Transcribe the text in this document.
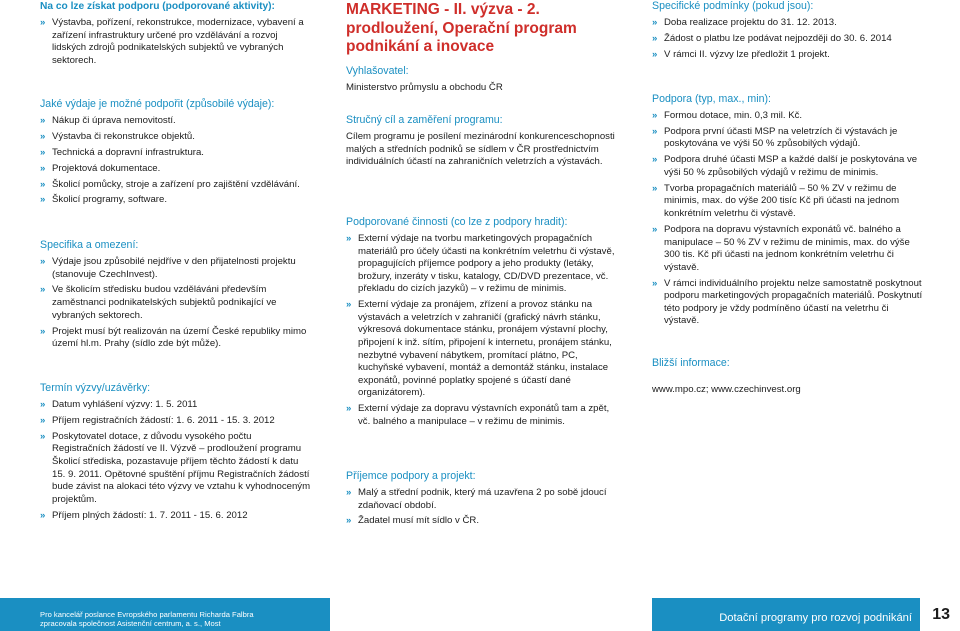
Na co lze získat podporu (podporované aktivity):
» Výstavba, pořízení, rekonstrukce, modernizace, vybavení a zařízení infrastruktury určené pro vzdělávání a rozvoj lidských zdrojů podnikatelských subjektů ve vybraných sektorech.
Jaké výdaje je možné podpořit (způsobilé výdaje):
» Nákup či úprava nemovitostí.
» Výstavba či rekonstrukce objektů.
» Technická a dopravní infrastruktura.
» Projektová dokumentace.
» Školicí pomůcky, stroje a zařízení pro zajištění vzdělávání.
» Školicí programy, software.
Specifika a omezení:
» Výdaje jsou způsobilé nejdříve v den přijatelnosti projektu (stanovuje CzechInvest).
» Ve školicím středisku budou vzděláváni především zaměstnanci podnikatelských subjektů podnikající ve vybraných sektorech.
» Projekt musí být realizován na území České republiky mimo území hl.m. Prahy (sídlo zde být může).
Termín výzvy/uzávěrky:
» Datum vyhlášení výzvy: 1. 5. 2011
» Příjem registračních žádostí: 1. 6. 2011 - 15. 3. 2012
» Poskytovatel dotace, z důvodu vysokého počtu Registračních žádostí ve II. Výzvě – prodloužení programu Školicí střediska, pozastavuje příjem těchto žádostí k datu 15. 9. 2011. Opětovné spuštění příjmu Registračních žádostí bude závist na alokaci této výzvy ve vztahu k vyhodnoceným projektům.
» Příjem plných žádostí: 1. 7. 2011 - 15. 6. 2012
MARKETING - II. výzva - 2. prodloužení, Operační program podnikání a inovace
Vyhlašovatel:

Ministerstvo průmyslu a obchodu ČR

Stručný cíl a zaměření programu:

Cílem programu je posílení mezinárodní konkurenceschopnosti malých a středních podniků se sídlem v ČR prostřednictvím individuálních účastí na zahraničních veletrzích a výstavách.

Podporované činnosti (co lze z podpory hradit):
» Externí výdaje na tvorbu marketingových propagačních materiálů pro účely účasti na konkrétním veletrhu či výstavě, propagujících příjemce podpory a jeho produkty (letáky, brožury, inzeráty v tisku, katalogy, CD/DVD prezentace, vč. překladu do cizích jazyků) – v režimu de minimis.
» Externí výdaje za pronájem, zřízení a provoz stánku na výstavách a veletrzích v zahraničí (grafický návrh stánku, výkresová dokumentace stánku, pronájem výstavní plochy, připojení k inž. sítím, připojení k internetu, pronájem stánku, nezbytné vybavení nábytkem, promítací plátno, PC, kuchyňské vybavení, montáž a demontáž stánku, instalace exponátů, povinné poplatky spojené s účastí dané organizátorem).
» Externí výdaje za dopravu výstavních exponátů tam a zpět, vč. balného a manipulace – v režimu de minimis.
Příjemce podpory a projekt:
» Malý a střední podnik, který má uzavřena 2 po sobě jdoucí zdaňovací období.
» Žadatel musí mít sídlo v ČR.
Specifické podmínky (pokud jsou):
» Doba realizace projektu do 31. 12. 2013.
» Žádost o platbu lze podávat nejpozději do 30. 6. 2014
» V rámci II. výzvy lze předložit 1 projekt.
Podpora (typ, max., min):
» Formou dotace, min. 0,3 mil. Kč.
» Podpora první účasti MSP na veletrzích či výstavách je poskytována ve výši 50 % způsobilých výdajů.
» Podpora druhé účasti MSP a každé další je poskytována ve výši 50 % způsobilých výdajů v režimu de minimis.
» Tvorba propagačních materiálů – 50 % ZV v režimu de minimis, max. do výše 200 tisíc Kč při účasti na jednom konkrétním veletrhu či výstavě.
» Podpora na dopravu výstavních exponátů vč. balného a manipulace – 50 % ZV v režimu de minimis, max. do výše 300 tis. Kč při účasti na jednom konkrétním veletrhu či výstavě.
» V rámci individuálního projektu nelze samostatně poskytnout podporu marketingových propagačních materiálů. Poskytnutí této podpory je vždy podmíněno účastí na veletrhu či výstavě.
Bližší informace:

www.mpo.cz; www.czechinvest.org

Pro kancelář poslance Evropského parlamentu Richarda Falbra
zpracovala společnost Asistenční centrum, a. s., Most	Dotační programy pro rozvoj podnikání 13
